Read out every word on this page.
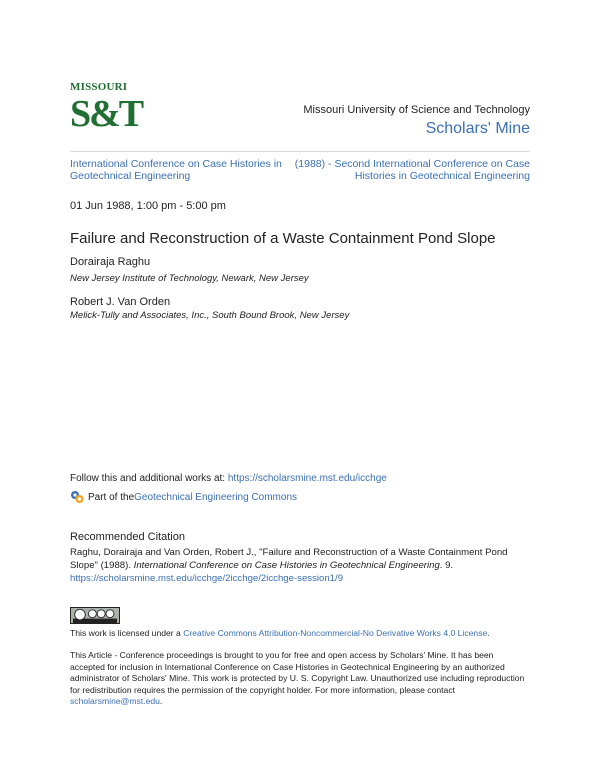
MISSOURI
S&T	Missouri University of Science and Technology
Scholars' Mine
International Conference on Case Histories in Geotechnical Engineering
(1988) - Second International Conference on Case Histories in Geotechnical Engineering
01 Jun 1988, 1:00 pm - 5:00 pm
Failure and Reconstruction of a Waste Containment Pond Slope
Dorairaja Raghu
New Jersey Institute of Technology, Newark, New Jersey
Robert J. Van Orden
Melick-Tully and Associates, Inc., South Bound Brook, New Jersey
Follow this and additional works at: https://scholarsmine.mst.edu/icchge
Part of the Geotechnical Engineering Commons
Recommended Citation
Raghu, Dorairaja and Van Orden, Robert J., "Failure and Reconstruction of a Waste Containment Pond Slope" (1988). International Conference on Case Histories in Geotechnical Engineering. 9.
https://scholarsmine.mst.edu/icchge/2icchge/2icchge-session1/9
This work is licensed under a Creative Commons Attribution-Noncommercial-No Derivative Works 4.0 License.
This Article - Conference proceedings is brought to you for free and open access by Scholars' Mine. It has been accepted for inclusion in International Conference on Case Histories in Geotechnical Engineering by an authorized administrator of Scholars' Mine. This work is protected by U. S. Copyright Law. Unauthorized use including reproduction for redistribution requires the permission of the copyright holder. For more information, please contact scholarsmine@mst.edu.
